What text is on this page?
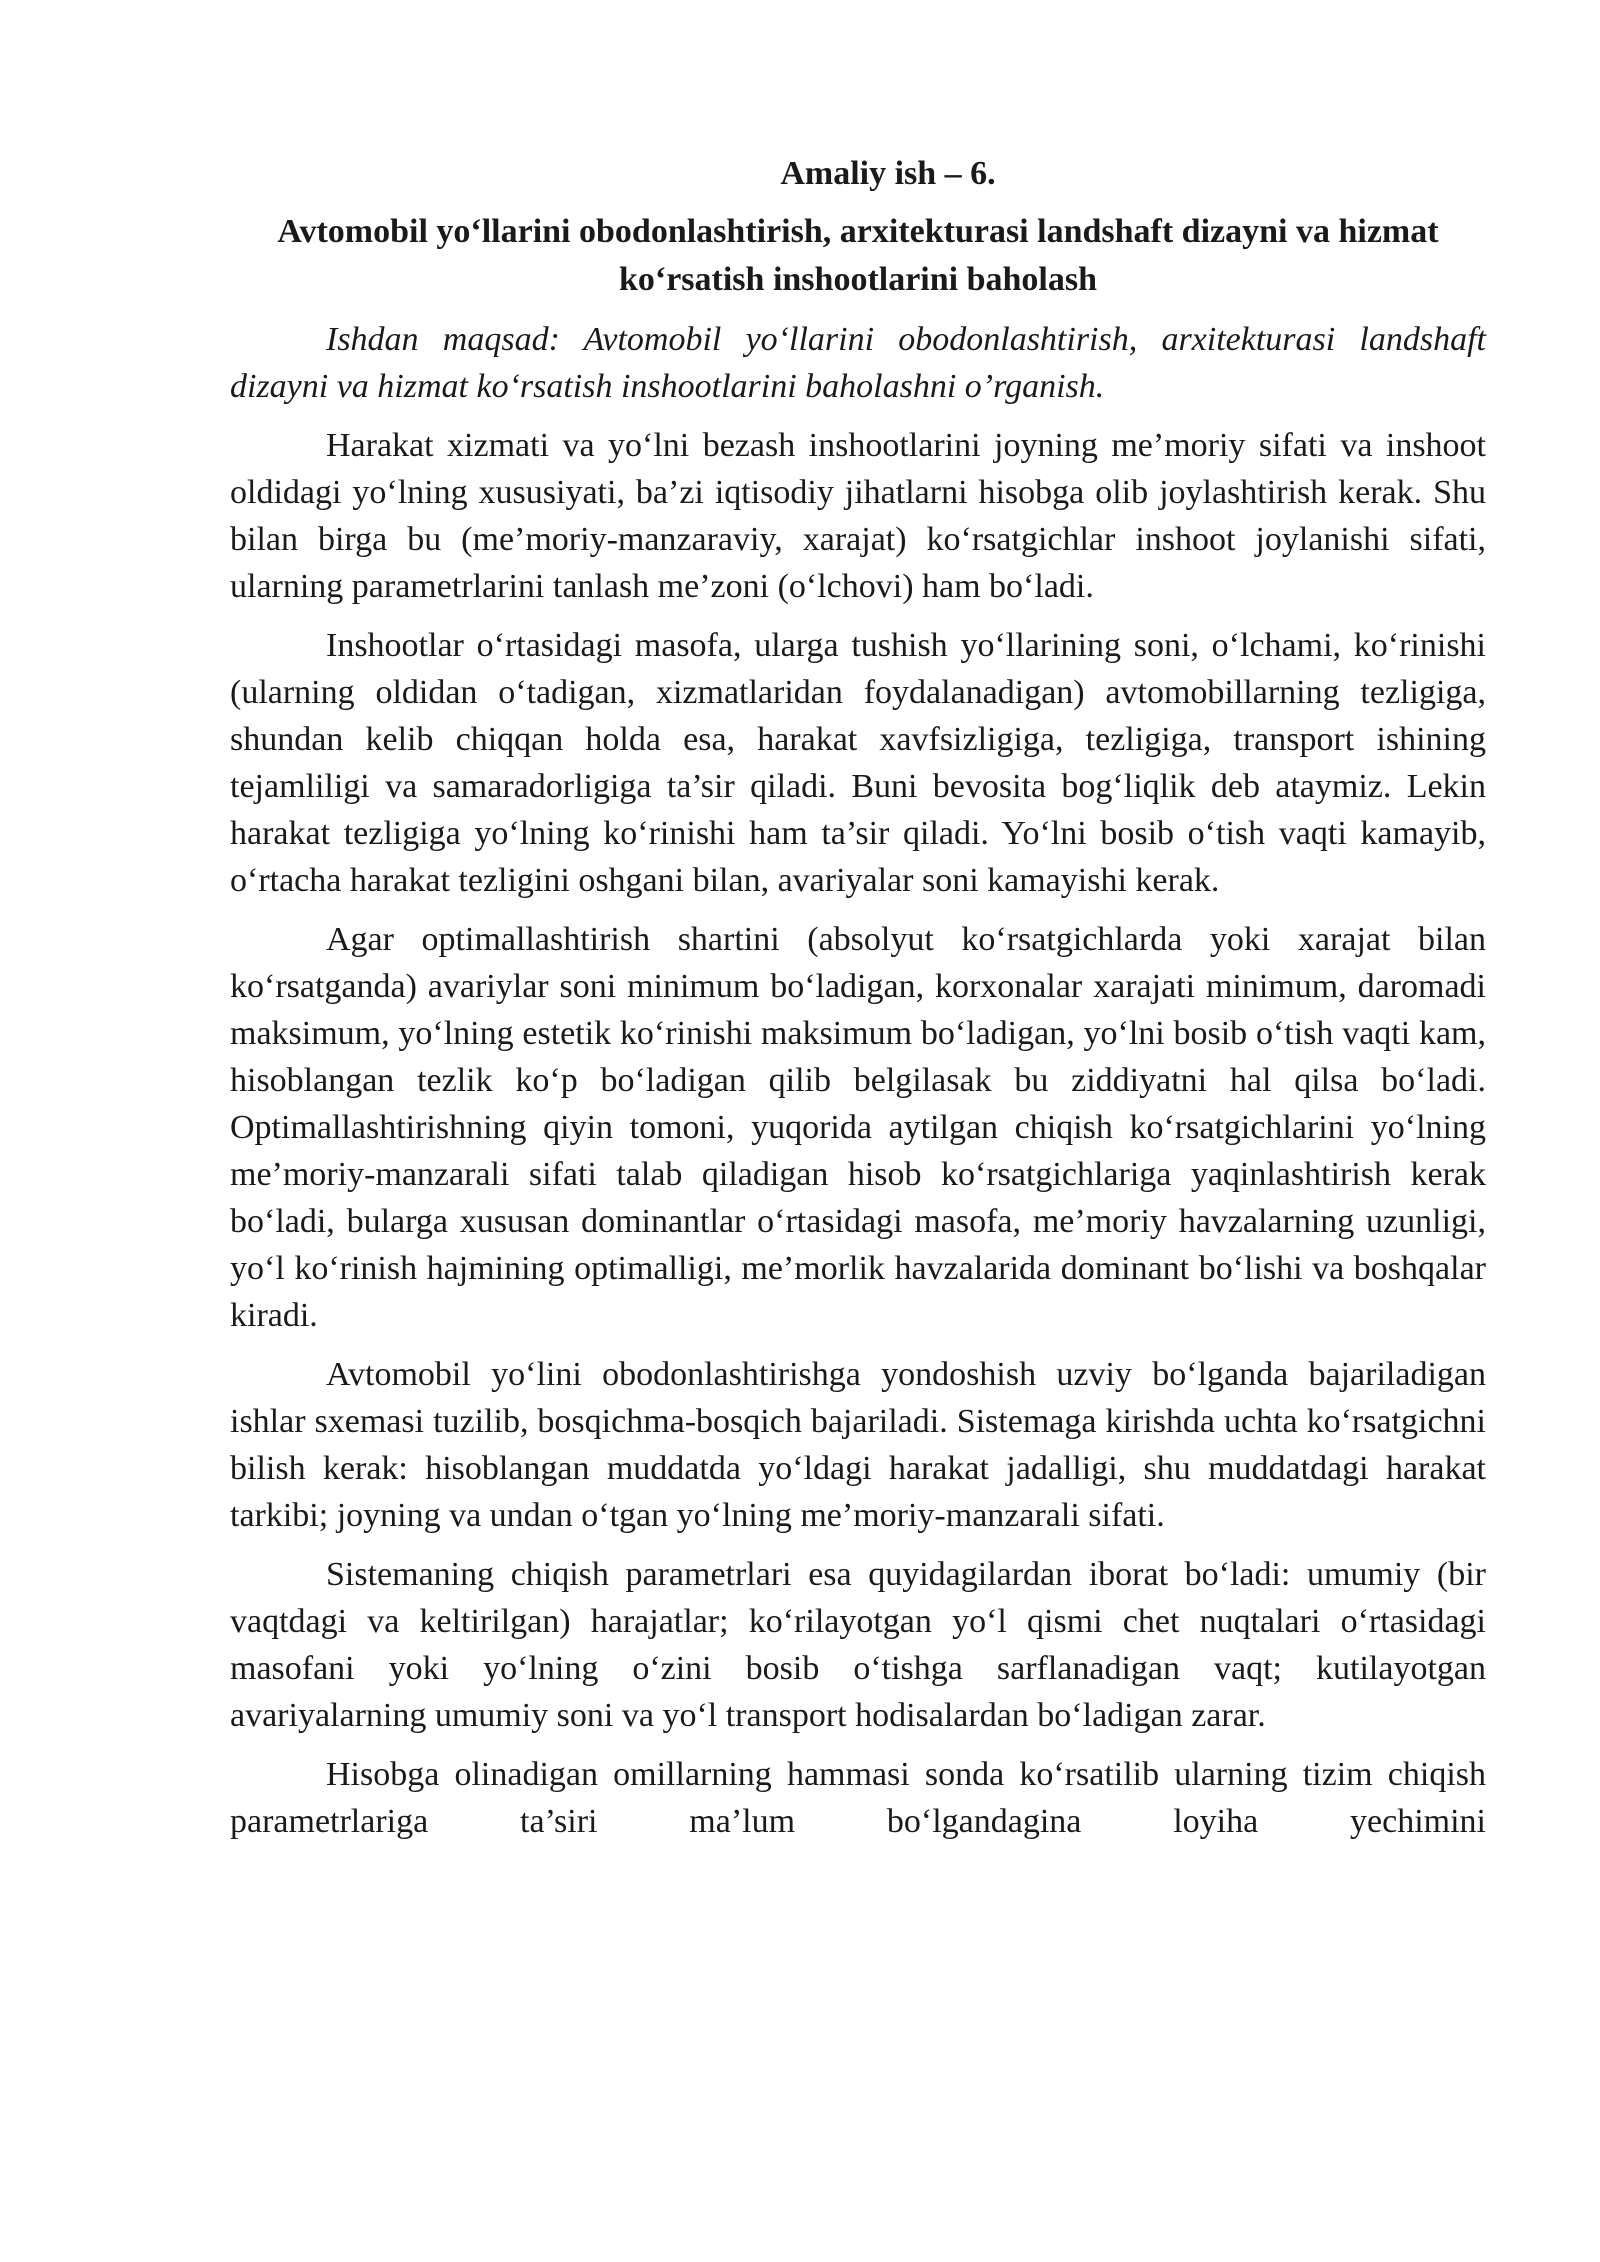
Amaliy ish – 6.
Avtomobil yo‘llarini obodonlashtirish, arxitekturasi landshaft dizayni va hizmat ko‘rsatish inshootlarini baholash

Ishdan maqsad: Avtomobil yo‘llarini obodonlashtirish, arxitekturasi landshaft dizayni va hizmat ko‘rsatish inshootlarini baholashni o’rganish.

Harakat xizmati va yo‘lni bezash inshootlarini joyning me’moriy sifati va inshoot oldidagi yo‘lning xususiyati, ba’zi iqtisodiy jihatlarni hisobga olib joylashtirish kerak. Shu bilan birga bu (me’moriy-manzaraviy, xarajat) ko‘rsatgichlar inshoot joylanishi sifati, ularning parametrlarini tanlash me’zoni (o‘lchovi) ham bo‘ladi.

Inshootlar o‘rtasidagi masofa, ularga tushish yo‘llarining soni, o‘lchami, ko‘rinishi (ularning oldidan o‘tadigan, xizmatlaridan foydalanadigan) avtomobillarning tezligiga, shundan kelib chiqqan holda esa, harakat xavfsizligiga, tezligiga, transport ishining tejamliligi va samaradorligiga ta’sir qiladi. Buni bevosita bog‘liqlik deb ataymiz. Lekin harakat tezligiga yo‘lning ko‘rinishi ham ta’sir qiladi. Yo‘lni bosib o‘tish vaqti kamayib, o‘rtacha harakat tezligini oshgani bilan, avariyalar soni kamayishi kerak.

Agar optimallashtirish shartini (absolyut ko‘rsatgichlarda yoki xarajat bilan ko‘rsatganda) avariylar soni minimum bo‘ladigan, korxonalar xarajati minimum, daromadi maksimum, yo‘lning estetik ko‘rinishi maksimum bo‘ladigan, yo‘lni bosib o‘tish vaqti kam, hisoblangan tezlik ko‘p bo‘ladigan qilib belgilasak bu ziddiyatni hal qilsa bo‘ladi. Optimallashtirishning qiyin tomoni, yuqorida aytilgan chiqish ko‘rsatgichlarini yo‘lning me’moriy-manzarali sifati talab qiladigan hisob ko‘rsatgichlariga yaqinlashtirish kerak bo‘ladi, bularga xususan dominantlar o‘rtasidagi masofa, me’moriy havzalarning uzunligi, yo‘l ko‘rinish hajmining optimalligi, me’morlik havzalarida dominant bo‘lishi va boshqalar kiradi.

Avtomobil yo‘lini obodonlashtirishga yondoshish uzviy bo‘lganda bajariladigan ishlar sxemasi tuzilib, bosqichma-bosqich bajariladi. Sistemaga kirishda uchta ko‘rsatgichni bilish kerak: hisoblangan muddatda yo‘ldagi harakat jadalligi, shu muddatdagi harakat tarkibi; joyning va undan o‘tgan yo‘lning me’moriy-manzarali sifati.

Sistemaning chiqish parametrlari esa quyidagilardan iborat bo‘ladi: umumiy (bir vaqtdagi va keltirilgan) harajatlar; ko‘rilayotgan yo‘l qismi chet nuqtalari o‘rtasidagi masofani yoki yo‘lning o‘zini bosib o‘tishga sarflanadigan vaqt; kutilayotgan avariyalarning umumiy soni va yo‘l transport hodisalardan bo‘ladigan zarar.

Hisobga olinadigan omillarning hammasi sonda ko‘rsatilib ularning tizim chiqish parametrlariga ta’siri ma’lum bo‘lgandagina loyiha yechimini
